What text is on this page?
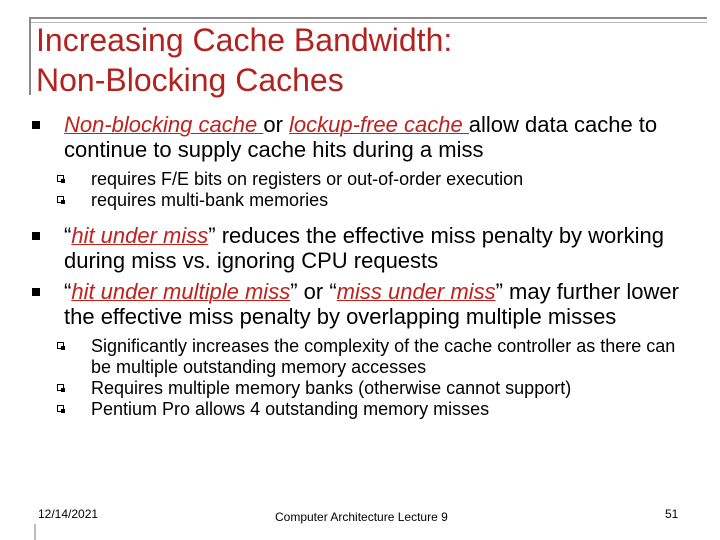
Increasing Cache Bandwidth:
Non-Blocking Caches
Non-blocking cache or lockup-free cache allow data cache to continue to supply cache hits during a miss
requires F/E bits on registers or out-of-order execution
requires multi-bank memories
“hit under miss” reduces the effective miss penalty by working during miss vs. ignoring CPU requests
“hit under multiple miss” or “miss under miss” may further lower the effective miss penalty by overlapping multiple misses
Significantly increases the complexity of the cache controller as there can be multiple outstanding memory accesses
Requires multiple memory banks (otherwise cannot support)
Pentium Pro allows 4 outstanding memory misses
12/14/2021	Computer Architecture Lecture 9	51
